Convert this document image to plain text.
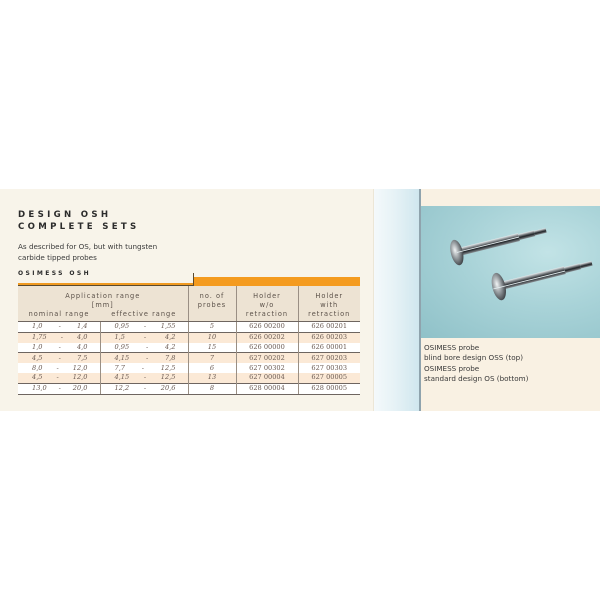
DESIGN OSH
COMPLETE SETS
As described for OS, but with tungsten
carbide tipped probes
OSIMESS OSH
Application range		no. of	Holder	Holder
[mm]		probes	w/o	with
nominal range	effective range		retraction	retraction

1,0 - 1,4	0,95 - 1,55	5	626 00200	626 00201

1,75 - 4,0	1,5 - 4,2	10	626 00202	626 00203

1,0 - 4,0	0,95 - 4,2	15	626 00000	626 00001

4,5 - 7,5	4,15 - 7,8	7	627 00202	627 00203

8,0 - 12,0	7,7 - 12,5	6	627 00302	627 00303

4,5 - 12,0	4,15 - 12,5	13	627 00004	627 00005

13,0 - 20,0	12,2 - 20,6	8	628 00004	628 00005
OSIMESS probe
blind bore design OSS (top)
OSIMESS probe
standard design OS (bottom)
